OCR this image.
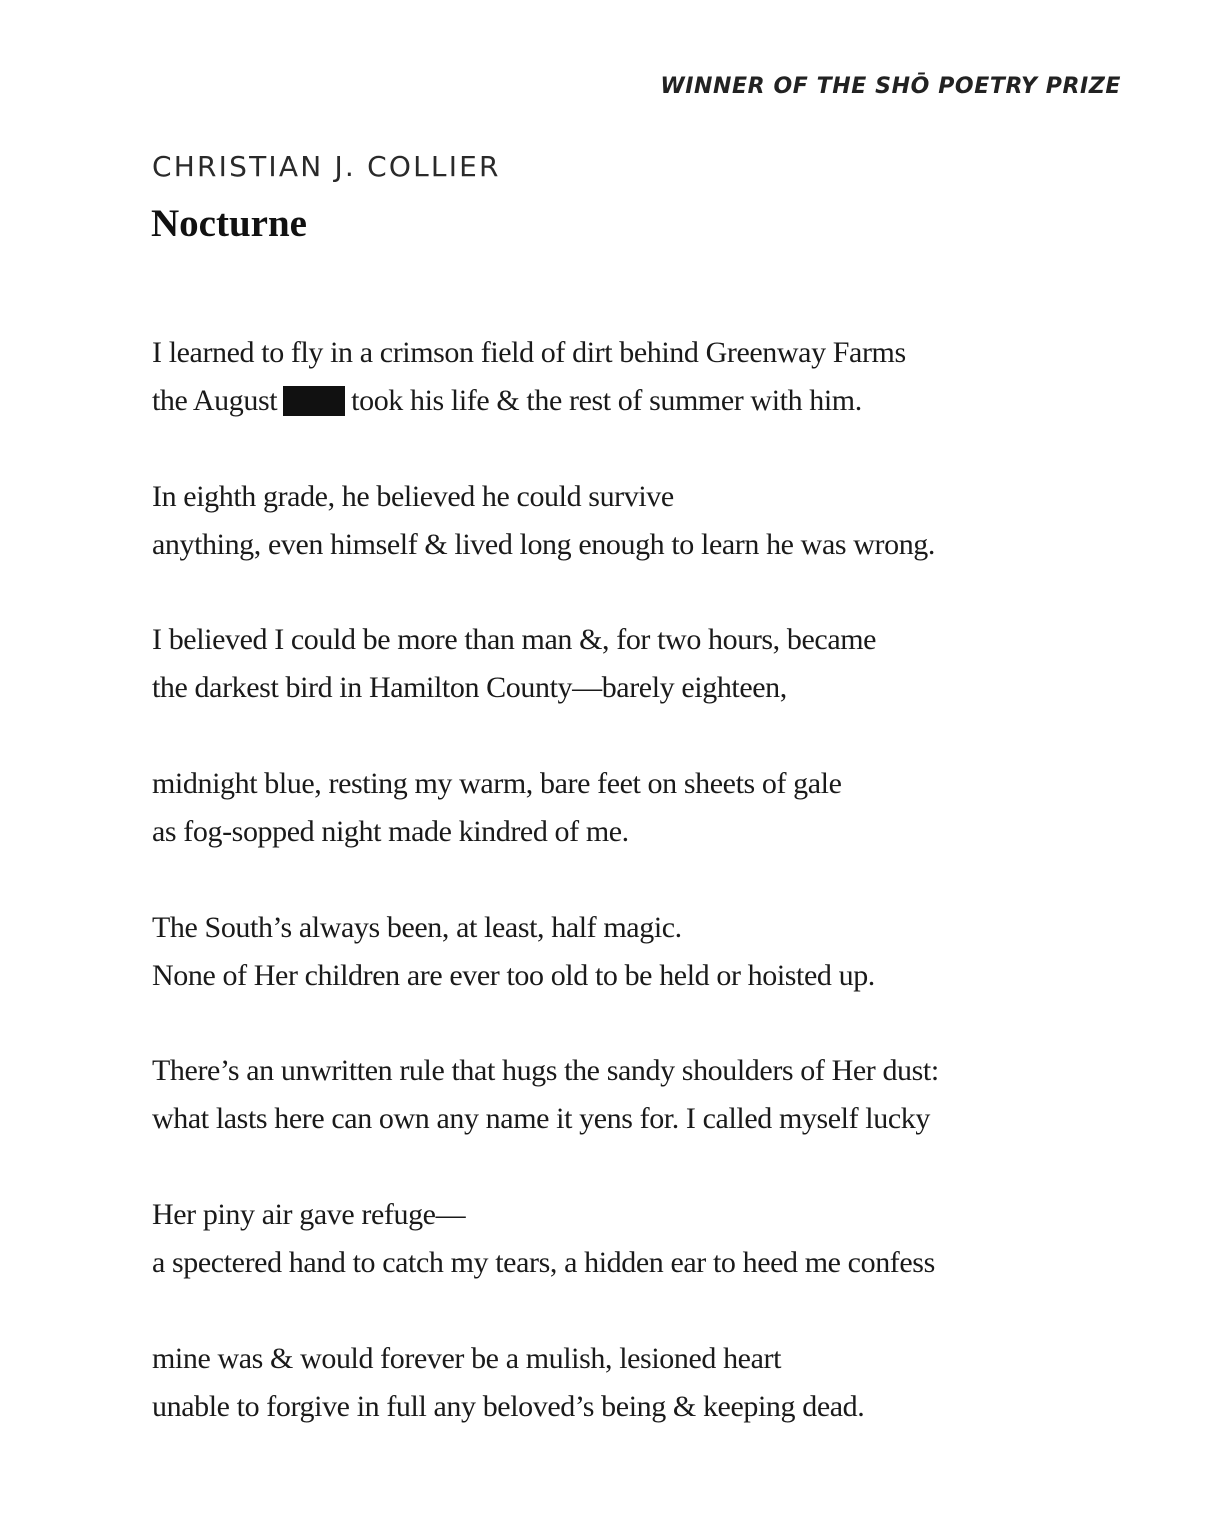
WINNER OF THE SHŌ POETRY PRIZE
CHRISTIAN J. COLLIER
Nocturne
I learned to fly in a crimson field of dirt behind Greenway Farms
the August took his life & the rest of summer with him.
In eighth grade, he believed he could survive
anything, even himself & lived long enough to learn he was wrong.
I believed I could be more than man &, for two hours, became
the darkest bird in Hamilton County—barely eighteen,
midnight blue, resting my warm, bare feet on sheets of gale
as fog-sopped night made kindred of me.
The South’s always been, at least, half magic.
None of Her children are ever too old to be held or hoisted up.
There’s an unwritten rule that hugs the sandy shoulders of Her dust:
what lasts here can own any name it yens for. I called myself lucky
Her piny air gave refuge—
a spectered hand to catch my tears, a hidden ear to heed me confess
mine was & would forever be a mulish, lesioned heart
unable to forgive in full any beloved’s being & keeping dead.
